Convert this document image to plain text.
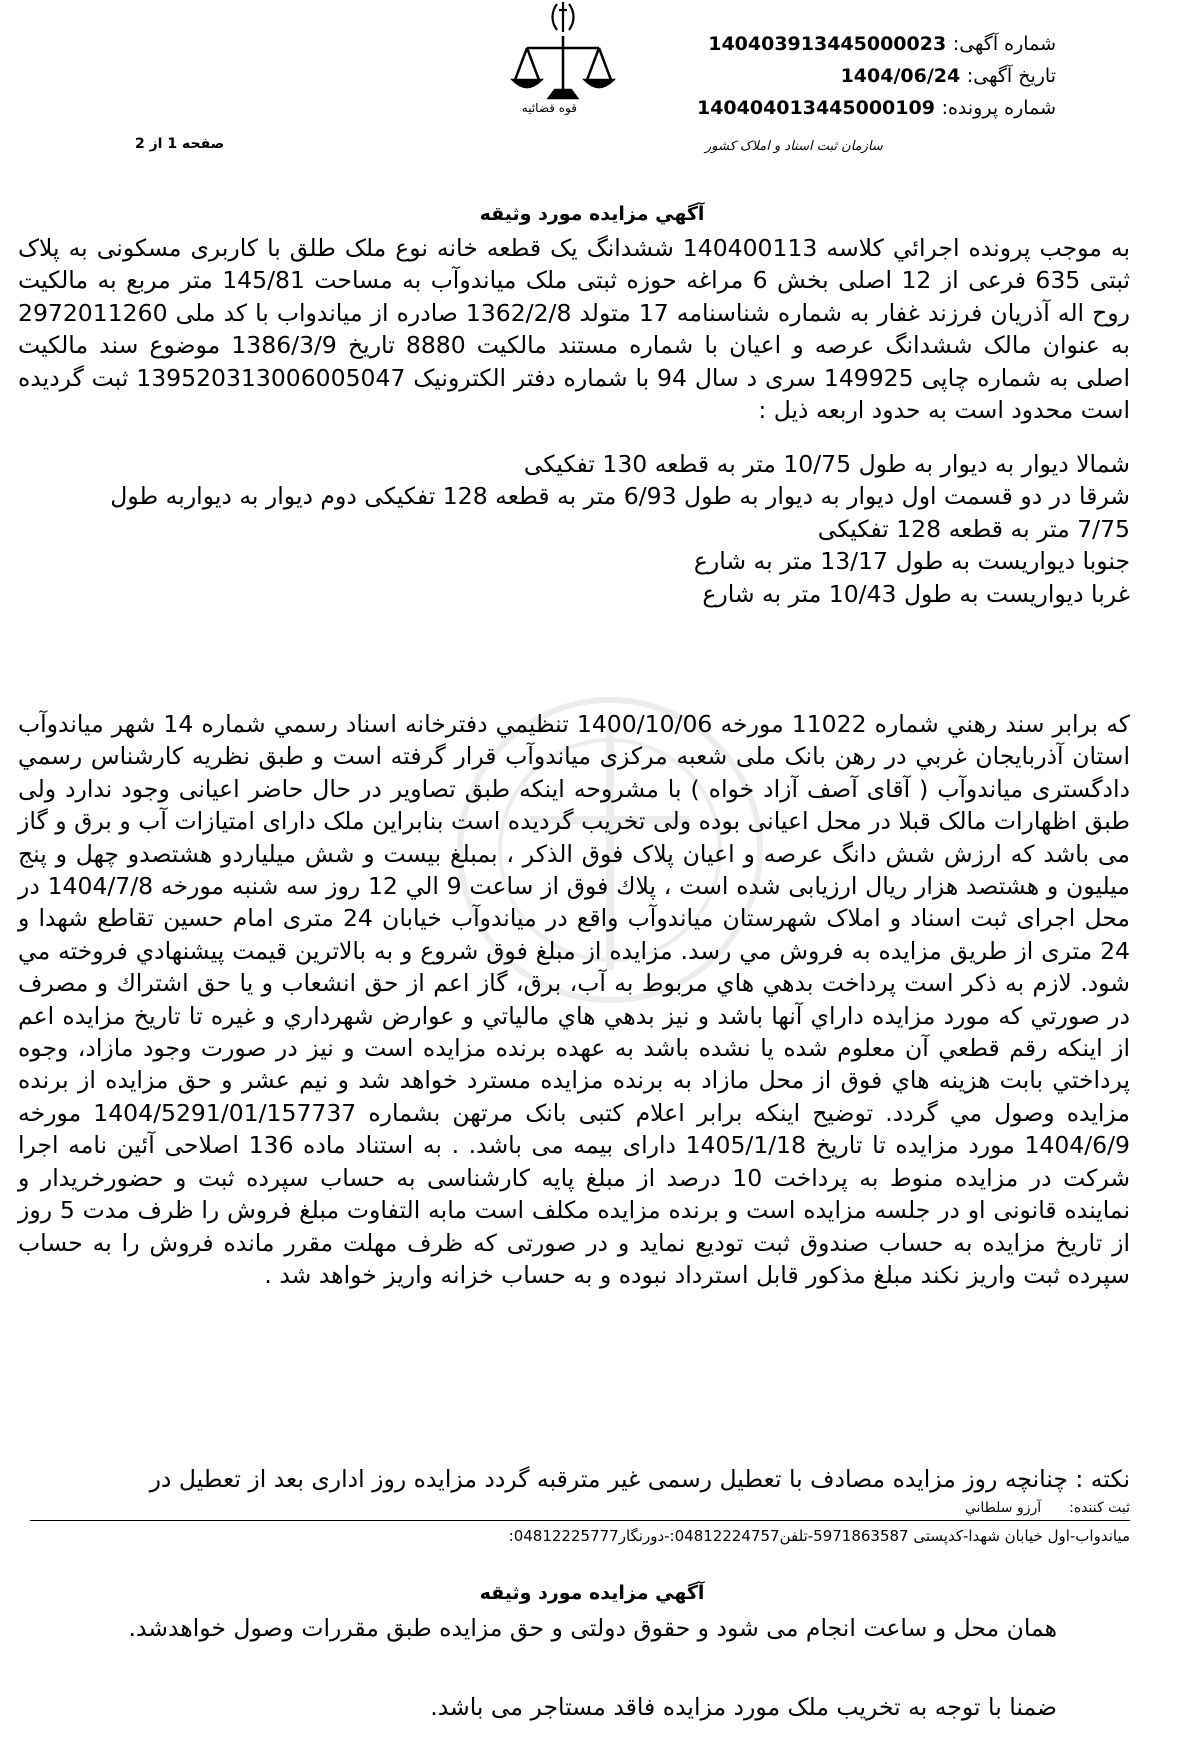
شماره آگهی: 140403913445000023
تاریخ آگهی: 1404/06/24
شماره پرونده: 140404013445000109
قوه قضائیه
سازمان ثبت اسناد و املاک کشور
صفحه 1 از 2
آگهي مزايده مورد وثيقه
به موجب پرونده اجرائي كلاسه 140400113 ششدانگ یک قطعه خانه نوع ملک طلق با کاربری مسکونی به پلاک ثبتی 635 فرعی از 12 اصلی بخش 6 مراغه حوزه ثبتی ملک میاندوآب به مساحت 145/81 متر مربع به مالکیت روح اله آذریان فرزند غفار به شماره شناسنامه 17 متولد 1362/2/8 صادره از میاندواب با کد ملی 2972011260 به عنوان مالک ششدانگ عرصه و اعیان با شماره مستند مالکیت 8880 تاریخ 1386/3/9 موضوع سند مالکیت اصلی به شماره چاپی 149925 سری د سال 94 با شماره دفتر الکترونیک 139520313006005047 ثبت گردیده است محدود است به حدود اربعه ذیل :
شمالا دیوار به دیوار به طول 10/75 متر به قطعه 130 تفکیکی
شرقا در دو قسمت اول دیوار به دیوار به طول 6/93 متر به قطعه 128 تفکیکی دوم دیوار به دیواربه طول
7/75 متر به قطعه 128 تفکیکی
جنوبا دیواریست به طول 13/17 متر به شارع
غربا دیواریست به طول 10/43 متر به شارع
كه برابر سند رهني شماره 11022 مورخه 1400/10/06 تنظيمي دفترخانه اسناد رسمي شماره 14 شهر میاندوآب استان آذربایجان غربي در رهن بانک ملی شعبه مرکزی میاندوآب قرار گرفته است و طبق نظریه کارشناس رسمي دادگستری میاندوآب ( آقای آصف آزاد خواه ) با مشروحه اینکه طبق تصاویر در حال حاضر اعیانی وجود ندارد ولی طبق اظهارات مالک قبلا در محل اعیانی بوده ولی تخریب گردیده است بنابراین ملک دارای امتیازات آب و برق و گاز می باشد که ارزش شش دانگ عرصه و اعیان پلاک فوق الذکر ، بمبلغ بیست و شش میلیاردو هشتصدو چهل و پنج میلیون و هشتصد هزار ریال ارزیابی شده است ، پلاك فوق از ساعت 9 الي 12 روز سه شنبه مورخه 1404/7/8 در محل اجرای ثبت اسناد و املاک شهرستان میاندوآب واقع در میاندوآب خیابان 24 متری امام حسین تقاطع شهدا و 24 متری از طریق مزايده به فروش مي رسد. مزايده از مبلغ فوق شروع و به بالاترين قيمت پيشنهادي فروخته مي شود. لازم به ذكر است پرداخت بدهي هاي مربوط به آب، برق، گاز اعم از حق انشعاب و يا حق اشتراك و مصرف در صورتي كه مورد مزايده داراي آنها باشد و نيز بدهي هاي مالياتي و عوارض شهرداري و غيره تا تاريخ مزايده اعم از اينكه رقم قطعي آن معلوم شده يا نشده باشد به عهده برنده مزايده است و نيز در صورت وجود مازاد، وجوه پرداختي بابت هزينه هاي فوق از محل مازاد به برنده مزايده مسترد خواهد شد و نیم عشر و حق مزایده از برنده مزایده وصول مي گردد. توضيح اينكه برابر اعلام كتبی بانک مرتهن بشماره 1404/5291/01/157737 مورخه 1404/6/9 مورد مزايده تا تاريخ 1405/1/18 دارای بیمه می باشد. . به استناد ماده 136 اصلاحی آئین نامه اجرا شرکت در مزایده منوط به پرداخت 10 درصد از مبلغ پایه کارشناسی به حساب سپرده ثبت و حضورخریدار و نماینده قانونی او در جلسه مزایده است و برنده مزایده مکلف است مابه التفاوت مبلغ فروش را ظرف مدت 5 روز از تاریخ مزایده به حساب صندوق ثبت تودیع نماید و در صورتی که ظرف مهلت مقرر مانده فروش را به حساب سپرده ثبت واریز نکند مبلغ مذکور قابل استرداد نبوده و به حساب خزانه واریز خواهد شد .
نکته : چنانچه روز مزایده مصادف با تعطیل رسمی غیر مترقبه گردد مزایده روز اداری بعد از تعطیل در
ثبت كننده:آرزو سلطاني
میاندواب-اول خیابان شهدا-کدپستی 5971863587-تلفن04812224757:-دورنگار04812225777:
آگهي مزايده مورد وثيقه
همان محل و ساعت انجام می شود و حقوق دولتی و حق مزایده طبق مقررات وصول خواهدشد.
ضمنا با توجه به تخریب ملک مورد مزایده فاقد مستاجر می باشد.
